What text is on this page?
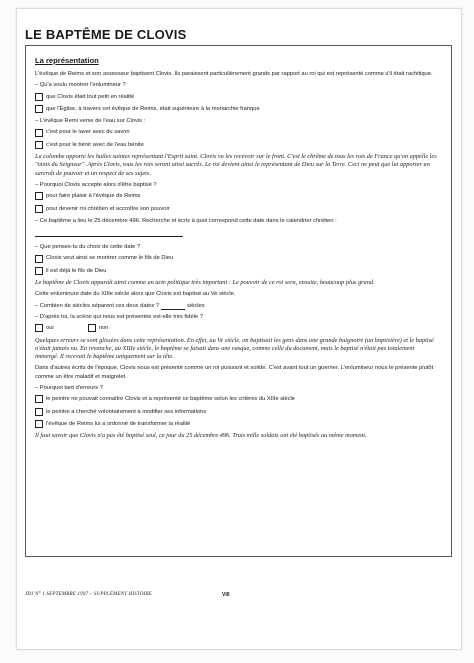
LE BAPTÊME DE CLOVIS
La représentation
L'évêque de Reims et son assesseur baptisent Clovis. Ils paraissent particulièrement grands par rapport au roi qui est représenté comme s'il était rachitique.
– Qu'a voulu montrer l'enlumineur ?
que Clovis était tout petit en réalité
que l'Église, à travers cet évêque de Reims, était supérieure à la monarchie franque
– L'évêque Remi verse de l'eau sur Clovis :
c'est pour le laver avec du savon
c'est pour le bénir avec de l'eau bénite
La colombe apporte les huiles saintes représentant l'Esprit saint. Clovis va les recevoir sur le front. C'est le chrême de tous les rois de France qu'on appelle les "oints du Seigneur". Après Clovis, tous les rois seront ainsi sacrés. Le roi devient ainsi le représentant de Dieu sur la Terre. Ceci ne peut que lui apporter un surcroît de pouvoir et un respect de ses sujets.
– Pourquoi Clovis accepte alors d'être baptisé ?
pour faire plaisir à l'évêque de Reims
pour devenir roi chrétien et accroître son pouvoir
– Ce baptême a lieu le 25 décembre 496. Recherche et écris à quoi correspond cette date dans le calendrier chrétien :
– Que penses-tu du choix de cette date ?
Clovis veut ainsi se montrer comme le fils de Dieu
il est déjà le fils de Dieu
Le baptême de Clovis apparaît ainsi comme un acte politique très important : Le pouvoir de ce roi sera, ensuite, beaucoup plus grand.
Cette enluminure date du XIIIe siècle alors que Clovis est baptisé au Ve siècle.
– Combien de siècles séparent ces deux dates ?	siècles
– D'après toi, la scène qui nous est présentée est-elle très fidèle ?
oui	non
Quelques erreurs se sont glissées dans cette représentation. En effet, au Ve siècle, on baptisait les gens dans une grande baignoire (un baptistère) et le baptisé n'était jamais nu. En revanche, au XIIIe siècle, le baptême se faisait dans une vasque, comme celle du document, mais le baptisé n'était pas totalement immergé. Il recevait le baptême uniquement sur la tête.
Dans d'autres écrits de l'époque, Clovis nous est présenté comme un roi puissant et solide. C'est avant tout un guerrier. L'enlumineur nous le présente plutôt comme un être maladif et maigrelet.
– Pourquoi tant d'erreurs ?
le peintre ne pouvait connaître Clovis et a représenté ce baptême selon les critères du XIIIe siècle
le peintre a cherché volontairement à modifier ses informations
l'évêque de Reims lui a ordonné de transformer la réalité
Il faut savoir que Clovis n'a pas été baptisé seul, ce jour du 25 décembre 496. Trois mille soldats ont été baptisés au même moment.
JDJ N° 1 SEPTEMBRE 1997 – SUPPLÉMENT HISTOIRE	VIII
